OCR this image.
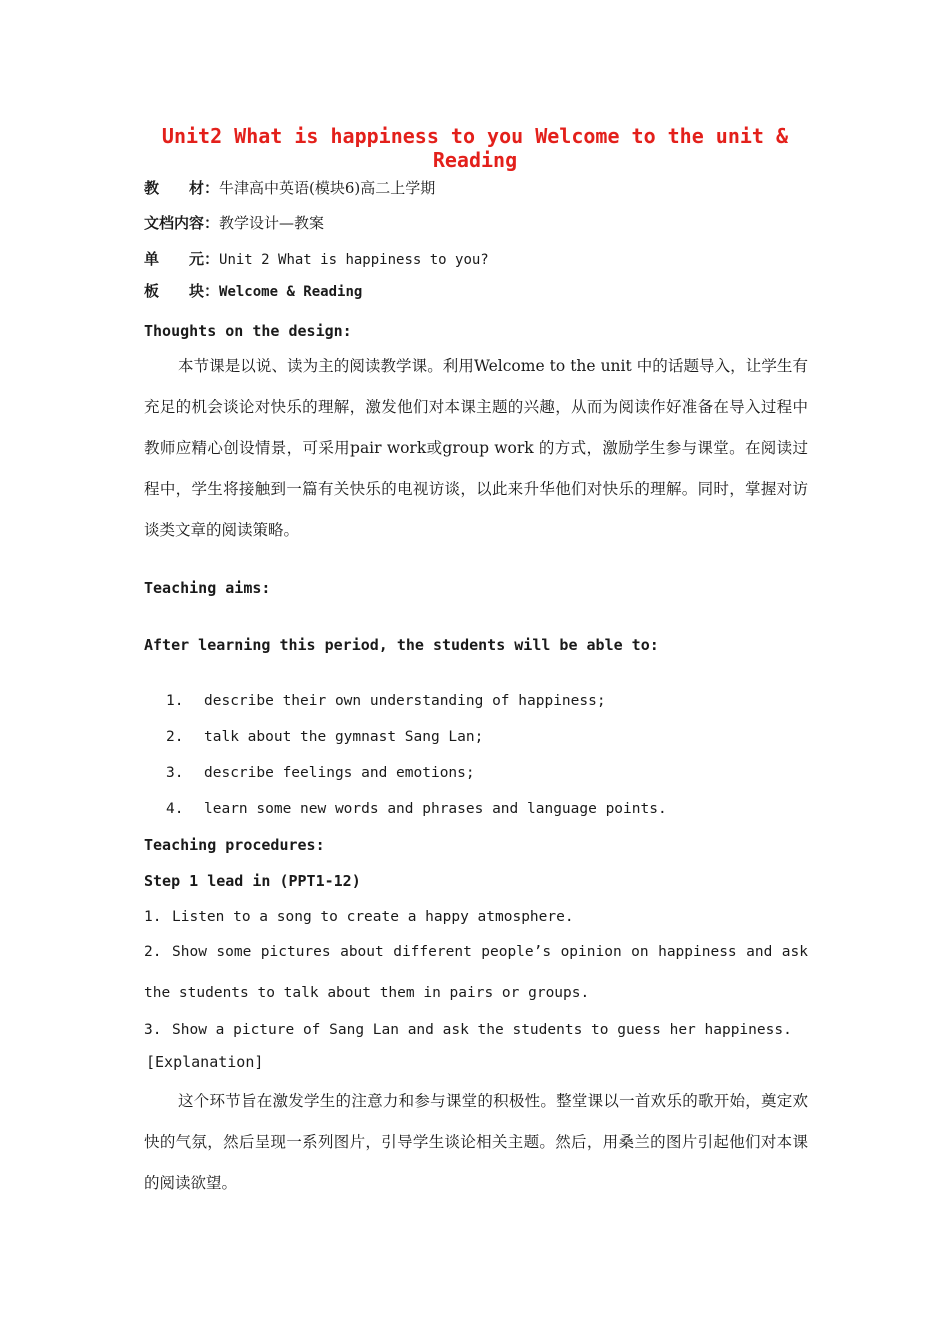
Unit2 What is happiness to you Welcome to the unit & Reading
教　　材：牛津高中英语(模块6)高二上学期
文档内容：教学设计—教案
单　　元：Unit 2 What is happiness to you?
板　　块：Welcome & Reading
Thoughts on the design:
本节课是以说、读为主的阅读教学课。利用Welcome to the unit 中的话题导入，让学生有充足的机会谈论对快乐的理解，激发他们对本课主题的兴趣，从而为阅读作好准备在导入过程中教师应精心创设情景，可采用pair work或group work 的方式，激励学生参与课堂。在阅读过程中，学生将接触到一篇有关快乐的电视访谈，以此来升华他们对快乐的理解。同时，掌握对访谈类文章的阅读策略。
Teaching aims:
After learning this period, the students will be able to:
1. describe their own understanding of happiness;
2. talk about the gymnast Sang Lan;
3. describe feelings and emotions;
4. learn some new words and phrases and language points.
Teaching procedures:
Step 1 lead in (PPT1-12)
1. Listen to a song to create a happy atmosphere.
2. Show some pictures about different people’s opinion on happiness and ask the students to talk about them in pairs or groups.
3. Show a picture of Sang Lan and ask the students to guess her happiness.
[Explanation]
这个环节旨在激发学生的注意力和参与课堂的积极性。整堂课以一首欢乐的歌开始，奠定欢快的气氛，然后呈现一系列图片，引导学生谈论相关主题。然后，用桑兰的图片引起他们对本课的阅读欲望。
